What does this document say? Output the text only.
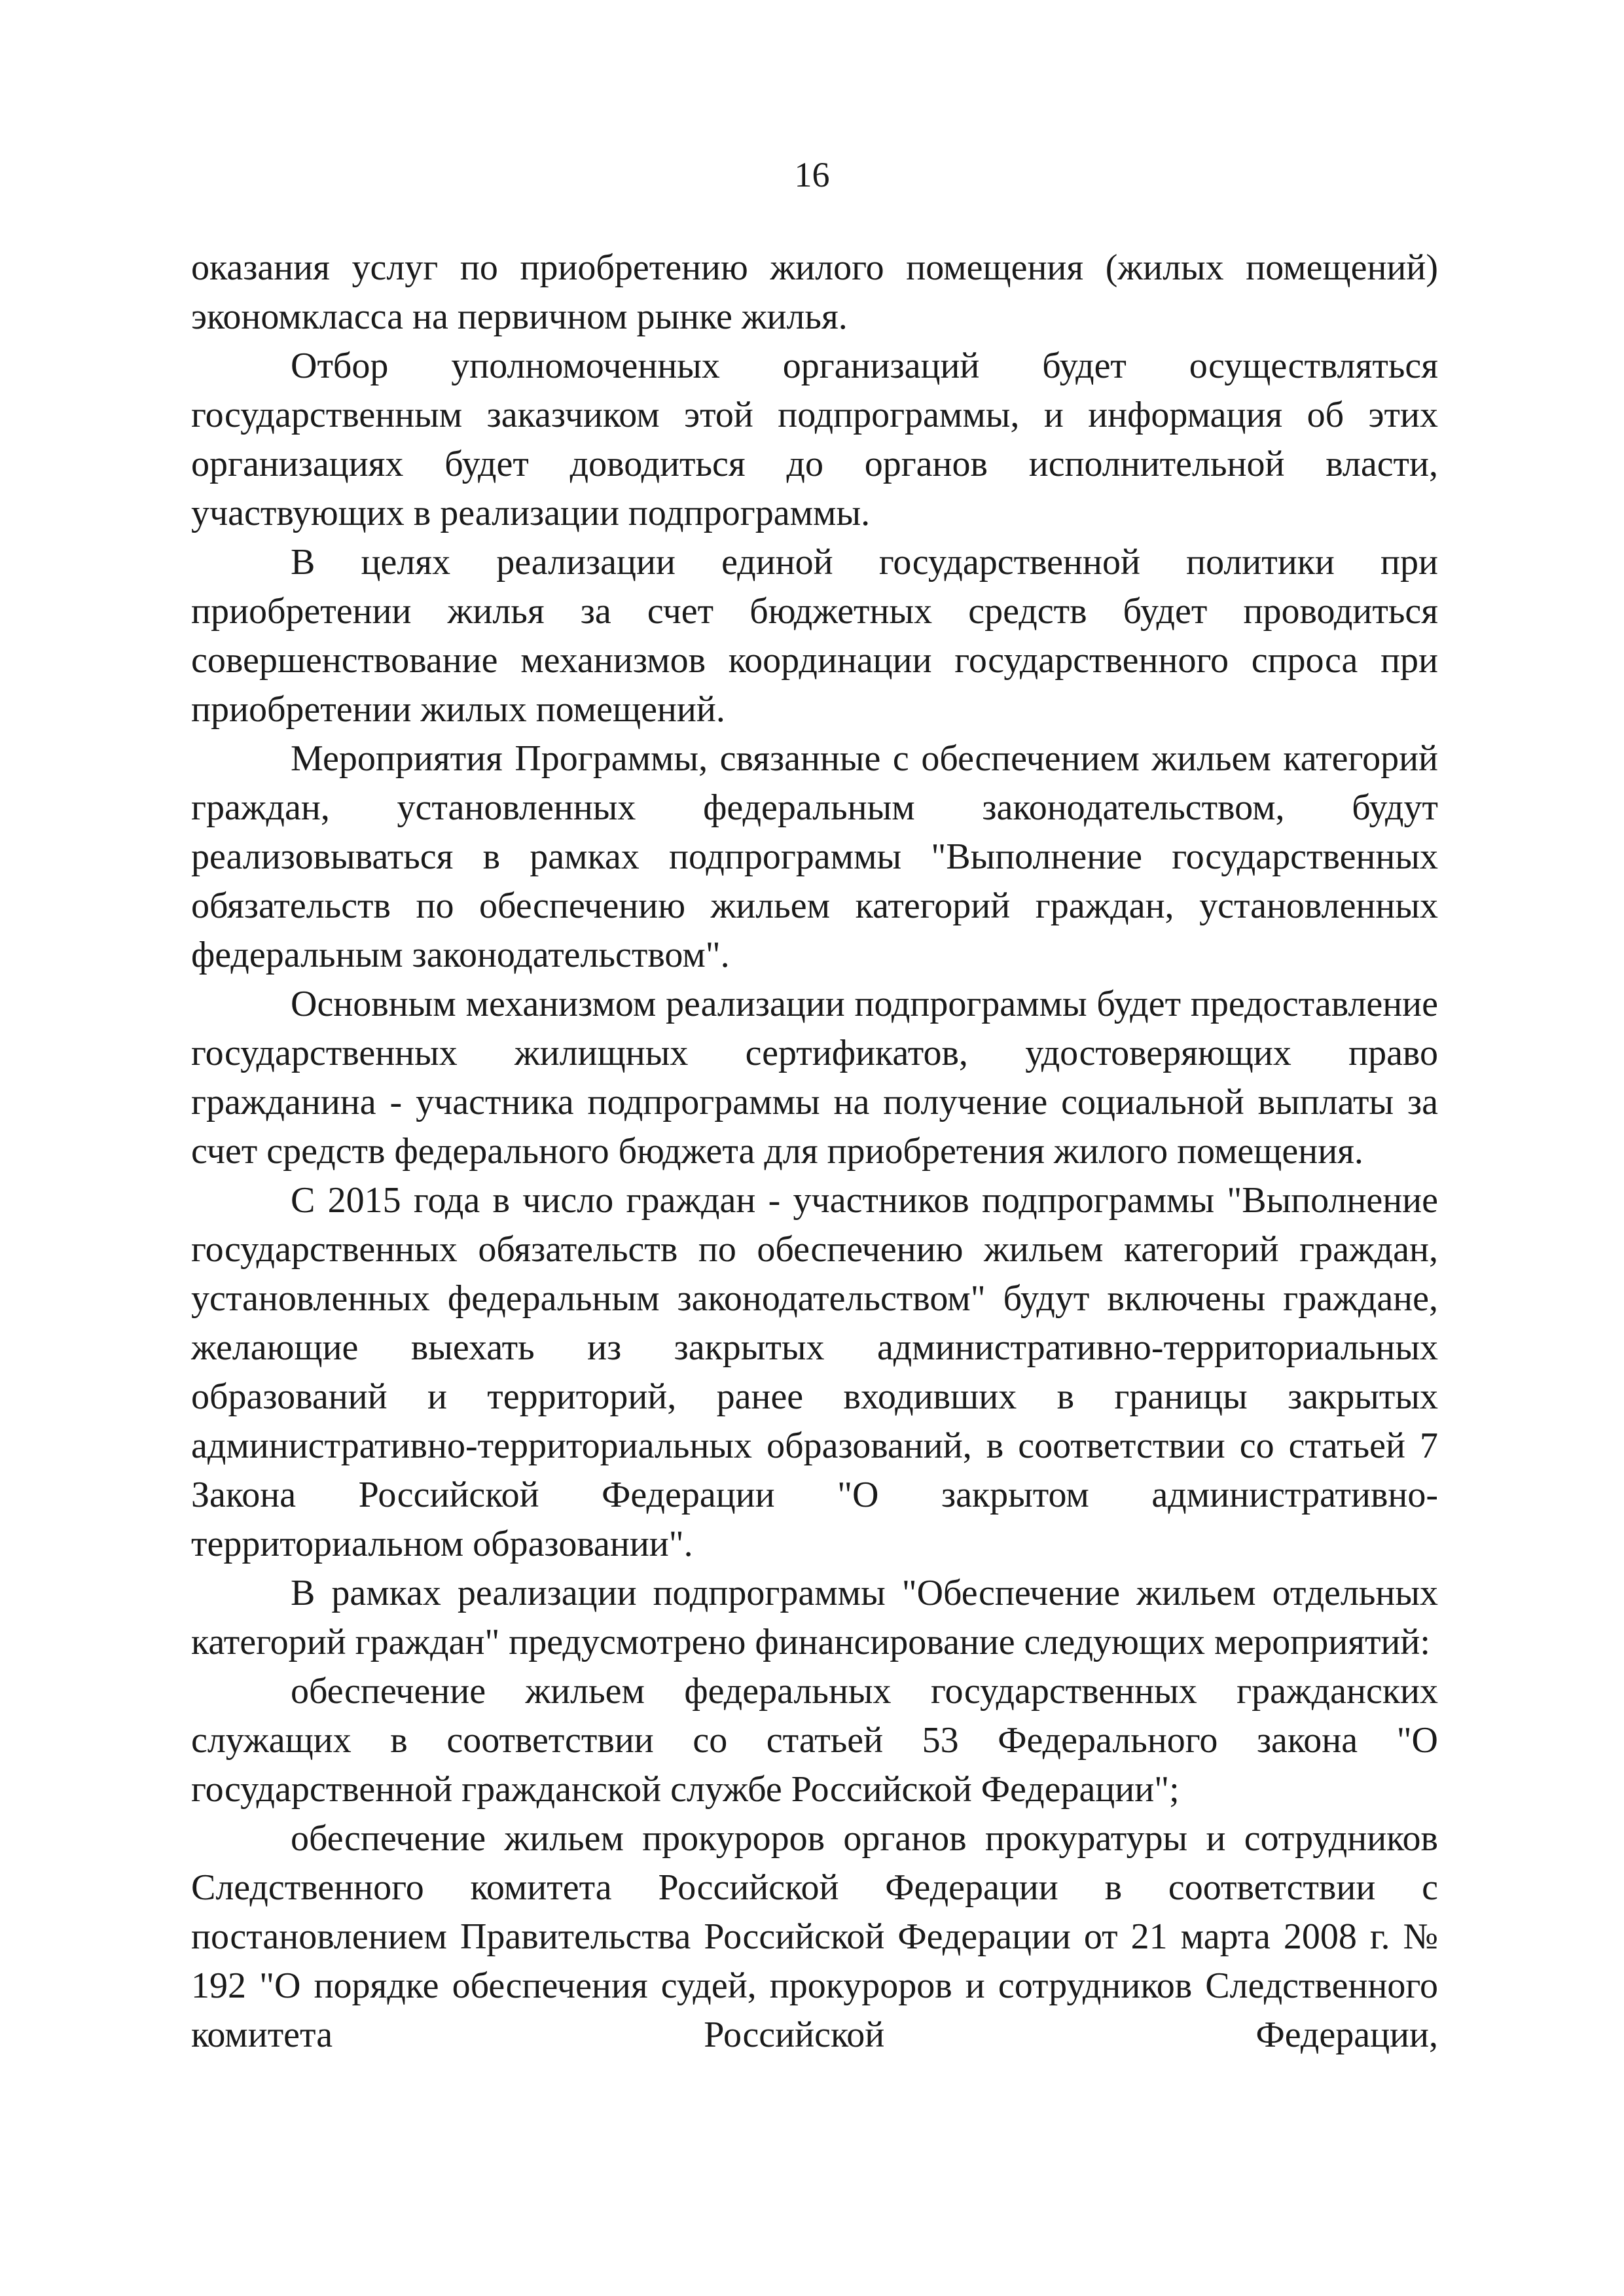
16

оказания услуг по приобретению жилого помещения (жилых помещений) экономкласса на первичном рынке жилья.

Отбор уполномоченных организаций будет осуществляться государственным заказчиком этой подпрограммы, и информация об этих организациях будет доводиться до органов исполнительной власти, участвующих в реализации подпрограммы.

В целях реализации единой государственной политики при приобретении жилья за счет бюджетных средств будет проводиться совершенствование механизмов координации государственного спроса при приобретении жилых помещений.

Мероприятия Программы, связанные с обеспечением жильем категорий граждан, установленных федеральным законодательством, будут реализовываться в рамках подпрограммы "Выполнение государственных обязательств по обеспечению жильем категорий граждан, установленных федеральным законодательством".

Основным механизмом реализации подпрограммы будет предоставление государственных жилищных сертификатов, удостоверяющих право гражданина - участника подпрограммы на получение социальной выплаты за счет средств федерального бюджета для приобретения жилого помещения.

С 2015 года в число граждан - участников подпрограммы "Выполнение государственных обязательств по обеспечению жильем категорий граждан, установленных федеральным законодательством" будут включены граждане, желающие выехать из закрытых административно-территориальных образований и территорий, ранее входивших в границы закрытых административно-территориальных образований, в соответствии со статьей 7 Закона Российской Федерации "О закрытом административно-территориальном образовании".

В рамках реализации подпрограммы "Обеспечение жильем отдельных категорий граждан" предусмотрено финансирование следующих мероприятий:

обеспечение жильем федеральных государственных гражданских служащих в соответствии со статьей 53 Федерального закона "О государственной гражданской службе Российской Федерации";

обеспечение жильем прокуроров органов прокуратуры и сотрудников Следственного комитета Российской Федерации в соответствии с постановлением Правительства Российской Федерации от 21 марта 2008 г. № 192 "О порядке обеспечения судей, прокуроров и сотрудников Следственного комитета Российской Федерации,
